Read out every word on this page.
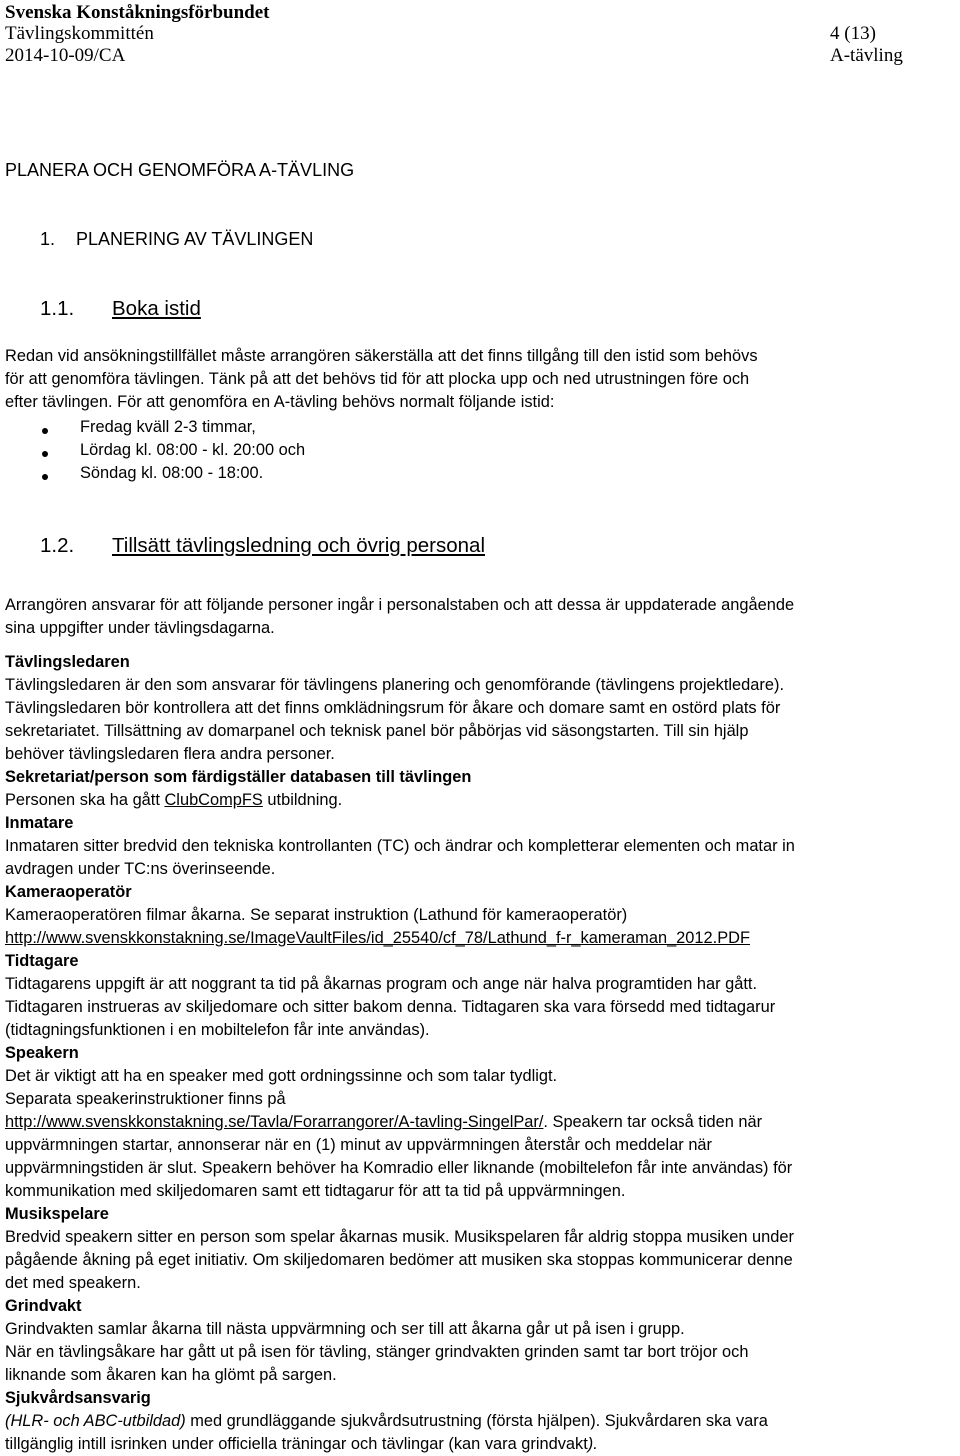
Svenska Konståkningsförbundet
Tävlingskommittén	4 (13)
2014-10-09/CA	A-tävling
PLANERA OCH GENOMFÖRA A-TÄVLING
1. PLANERING AV TÄVLINGEN
1.1. Boka istid
Redan vid ansökningstillfället måste arrangören säkerställa att det finns tillgång till den istid som behövs
för att genomföra tävlingen. Tänk på att det behövs tid för att plocka upp och ned utrustningen före och
efter tävlingen. För att genomföra en A-tävling behövs normalt följande istid:
Fredag kväll 2-3 timmar,
Lördag kl. 08:00 - kl. 20:00 och
Söndag kl. 08:00 - 18:00.
1.2. Tillsätt tävlingsledning och övrig personal
Arrangören ansvarar för att följande personer ingår i personalstaben och att dessa är uppdaterade angående
sina uppgifter under tävlingsdagarna.
Tävlingsledaren
Tävlingsledaren är den som ansvarar för tävlingens planering och genomförande (tävlingens projektledare).
Tävlingsledaren bör kontrollera att det finns omklädningsrum för åkare och domare samt en ostörd plats för
sekretariatet. Tillsättning av domarpanel och teknisk panel bör påbörjas vid säsongstarten. Till sin hjälp
behöver tävlingsledaren flera andra personer.
Sekretariat/person som färdigställer databasen till tävlingen
Personen ska ha gått ClubCompFS utbildning.
Inmatare
Inmataren sitter bredvid den tekniska kontrollanten (TC) och ändrar och kompletterar elementen och matar in
avdragen under TC:ns överinseende.
Kameraoperatör
Kameraoperatören filmar åkarna. Se separat instruktion (Lathund för kameraoperatör)
http://www.svenskkonstakning.se/ImageVaultFiles/id_25540/cf_78/Lathund_f-r_kameraman_2012.PDF
Tidtagare
Tidtagarens uppgift är att noggrant ta tid på åkarnas program och ange när halva programtiden har gått.
Tidtagaren instrueras av skiljedomare och sitter bakom denna. Tidtagaren ska vara försedd med tidtagarur
(tidtagningsfunktionen i en mobiltelefon får inte användas).
Speakern
Det är viktigt att ha en speaker med gott ordningssinne och som talar tydligt.
Separata speakerinstruktioner finns på
http://www.svenskkonstakning.se/Tavla/Forarrangorer/A-tavling-SingelPar/. Speakern tar också tiden när
uppvärmningen startar, annonserar när en (1) minut av uppvärmningen återstår och meddelar när
uppvärmningstiden är slut. Speakern behöver ha Komradio eller liknande (mobiltelefon får inte användas) för
kommunikation med skiljedomaren samt ett tidtagarur för att ta tid på uppvärmningen.
Musikspelare
Bredvid speakern sitter en person som spelar åkarnas musik. Musikspelaren får aldrig stoppa musiken under
pågående åkning på eget initiativ. Om skiljedomaren bedömer att musiken ska stoppas kommunicerar denne
det med speakern.
Grindvakt
Grindvakten samlar åkarna till nästa uppvärmning och ser till att åkarna går ut på isen i grupp.
När en tävlingsåkare har gått ut på isen för tävling, stänger grindvakten grinden samt tar bort tröjor och
liknande som åkaren kan ha glömt på sargen.
Sjukvårdsansvarig
(HLR- och ABC-utbildad) med grundläggande sjukvårdsutrustning (första hjälpen). Sjukvårdaren ska vara
tillgänglig intill isrinken under officiella träningar och tävlingar (kan vara grindvakt).
